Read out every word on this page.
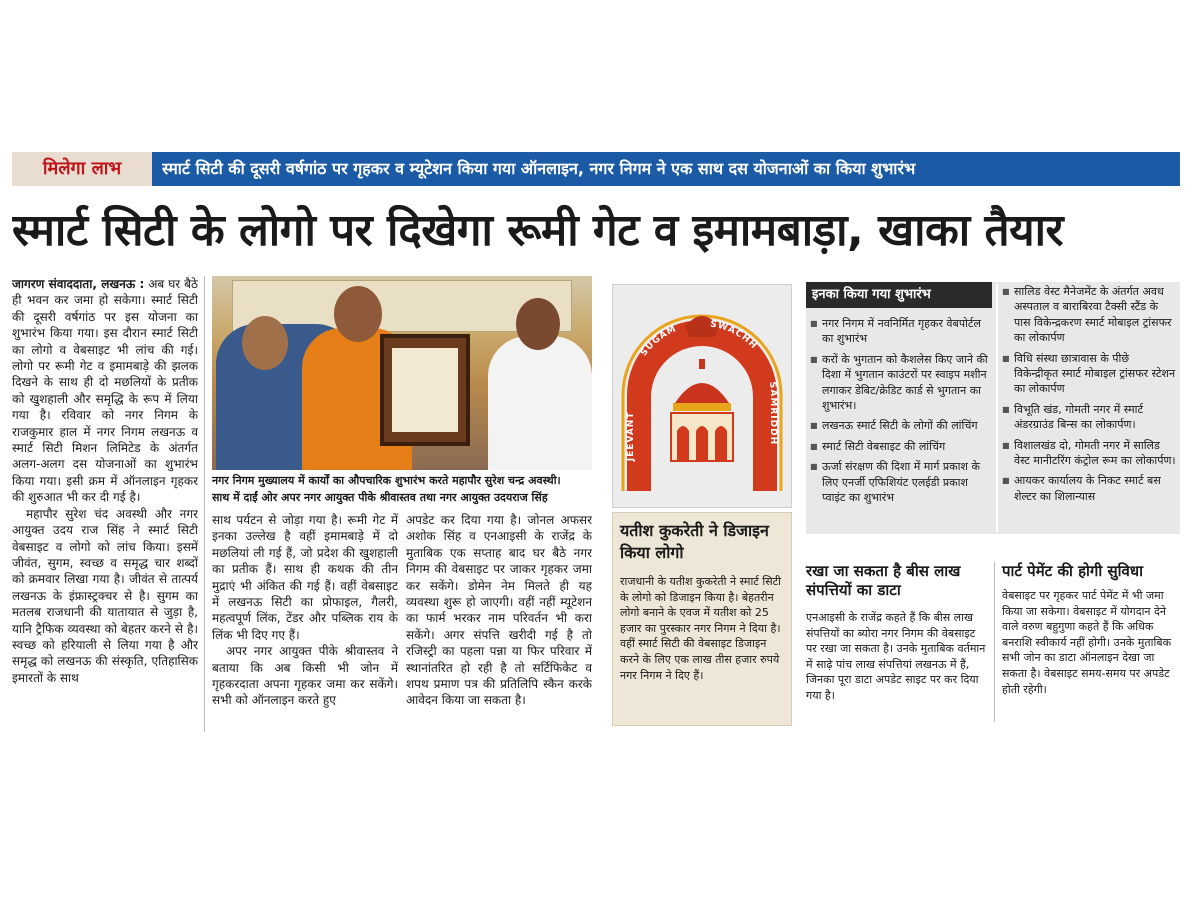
मिलेगा लाभ	स्मार्ट सिटी की दूसरी वर्षगांठ पर गृहकर व म्यूटेशन किया गया ऑनलाइन, नगर निगम ने एक साथ दस योजनाओं का किया शुभारंभ
स्मार्ट सिटी के लोगो पर दिखेगा रूमी गेट व इमामबाड़ा, खाका तैयार

जागरण संवाददाता, लखनऊ : अब घर बैठे ही भवन कर जमा हो सकेगा। स्मार्ट सिटी की दूसरी वर्षगांठ पर इस योजना का शुभारंभ किया गया। इस दौरान स्मार्ट सिटी का लोगो व वेबसाइट भी लांच की गई। लोगो पर रूमी गेट व इमामबाड़े की झलक दिखने के साथ ही दो मछलियों के प्रतीक को खुशहाली और समृद्धि के रूप में लिया गया है। रविवार को नगर निगम के राजकुमार हाल में नगर निगम लखनऊ व स्मार्ट सिटी मिशन लिमिटेड के अंतर्गत अलग-अलग दस योजनाओं का शुभारंभ किया गया। इसी क्रम में ऑनलाइन गृहकर की शुरुआत भी कर दी गई है।

महापौर सुरेश चंद अवस्थी और नगर आयुक्त उदय राज सिंह ने स्मार्ट सिटी वेबसाइट व लोगो को लांच किया। इसमें जीवंत, सुगम, स्वच्छ व समृद्ध चार शब्दों को क्रमवार लिखा गया है। जीवंत से तात्पर्य लखनऊ के इंफ्रास्ट्रक्चर से है। सुगम का मतलब राजधानी की यातायात से जुड़ा है, यानि ट्रैफिक व्यवस्था को बेहतर करने से है। स्वच्छ को हरियाली से लिया गया है और समृद्ध को लखनऊ की संस्कृति, एतिहासिक इमारतों के साथ

नगर निगम मुख्यालय में कार्यों का औपचारिक शुभारंभ करते महापौर सुरेश चन्द्र अवस्थी।
साथ में दाईं ओर अपर नगर आयुक्त पीके श्रीवास्तव तथा नगर आयुक्त उदयराज सिंह

साथ पर्यटन से जोड़ा गया है। रूमी गेट में इनका उल्लेख है वहीं इमामबाड़े में दो मछलियां ली गई हैं, जो प्रदेश की खुशहाली का प्रतीक हैं। साथ ही कथक की तीन मुद्राएं भी अंकित की गई हैं। वहीं वेबसाइट में लखनऊ सिटी का प्रोफाइल, गैलरी, महत्वपूर्ण लिंक, टेंडर और पब्लिक राय के लिंक भी दिए गए हैं।

अपर नगर आयुक्त पीके श्रीवास्तव ने बताया कि अब किसी भी जोन में गृहकरदाता अपना गृहकर जमा कर सकेंगे। सभी को ऑनलाइन करते हुए

अपडेट कर दिया गया है। जोनल अफसर अशोक सिंह व एनआइसी के राजेंद्र के मुताबिक एक सप्ताह बाद घर बैठे नगर निगम की वेबसाइट पर जाकर गृहकर जमा कर सकेंगे। डोमेन नेम मिलते ही यह व्यवस्था शुरू हो जाएगी। वहीं नहीं म्यूटेशन का फार्म भरकर नाम परिवर्तन भी करा सकेंगे। अगर संपत्ति खरीदी गई है तो रजिस्ट्री का पहला पन्ना या फिर परिवार में स्थानांतरित हो रही है तो सर्टिफिकेट व शपथ प्रमाण पत्र की प्रतिलिपि स्कैन करके आवेदन किया जा सकता है।

JEEVANT
SUGAM	SWACHH
SAMRIDDH
यतीश कुकरेती ने डिजाइन किया लोगो
राजधानी के यतीश कुकरेती ने स्मार्ट सिटी के लोगो को डिजाइन किया है। बेहतरीन लोगो बनाने के एवज में यतीश को 25 हजार का पुरस्कार नगर निगम ने दिया है। वहीं स्मार्ट सिटी की वेबसाइट डिजाइन करने के लिए एक लाख तीस हजार रुपये नगर निगम ने दिए हैं।
इनका किया गया शुभारंभ
■ नगर निगम में नवनिर्मित गृहकर वेबपोर्टल का शुभारंभ
■ करों के भुगतान को कैशलेस किए जाने की दिशा में भुगतान काउंटरों पर स्वाइप मशीन लगाकर डेबिट/क्रेडिट कार्ड से भुगतान का शुभारंभ।
■ लखनऊ स्मार्ट सिटी के लोगों की लांचिंग
■ स्मार्ट सिटी वेबसाइट की लांचिंग
■ ऊर्जा संरक्षण की दिशा में मार्ग प्रकाश के लिए एनर्जी एफिशियंट एलईडी प्रकाश प्वाइंट का शुभारंभ
■ सालिड वेस्ट मैनेजमेंट के अंतर्गत अवध अस्पताल व बाराबिरवा टैक्सी स्टैंड के पास विकेन्द्रकरण स्मार्ट मोबाइल ट्रांसफर का लोकार्पण
■ विधि संस्था छात्रावास के पीछे विकेन्द्रीकृत स्मार्ट मोबाइल ट्रांसफर स्टेशन का लोकार्पण
■ विभूति खंड, गोमती नगर में स्मार्ट अंडरग्राउंड बिन्स का लोकार्पण।
■ विशालखंड दो, गोमती नगर में सालिड वेस्ट मानीटरिंग कंट्रोल रूम का लोकार्पण।
■ आयकर कार्यालय के निकट स्मार्ट बस शेल्टर का शिलान्यास
रखा जा सकता है बीस लाख संपत्तियों का डाटा
एनआइसी के राजेंद्र कहते हैं कि बीस लाख संपत्तियों का ब्योरा नगर निगम की वेबसाइट पर रखा जा सकता है। उनके मुताबिक वर्तमान में साढ़े पांच लाख संपत्तियां लखनऊ में हैं, जिनका पूरा डाटा अपडेट साइट पर कर दिया गया है।
पार्ट पेमेंट की होगी सुविधा
वेबसाइट पर गृहकर पार्ट पेमेंट में भी जमा किया जा सकेगा। वेबसाइट में योगदान देने वाले वरुण बहुगुणा कहते हैं कि अधिक बनराशि स्वीकार्य नहीं होगी। उनके मुताबिक सभी जोन का डाटा ऑनलाइन देखा जा सकता है। वेबसाइट समय-समय पर अपडेट होती रहेगी।
